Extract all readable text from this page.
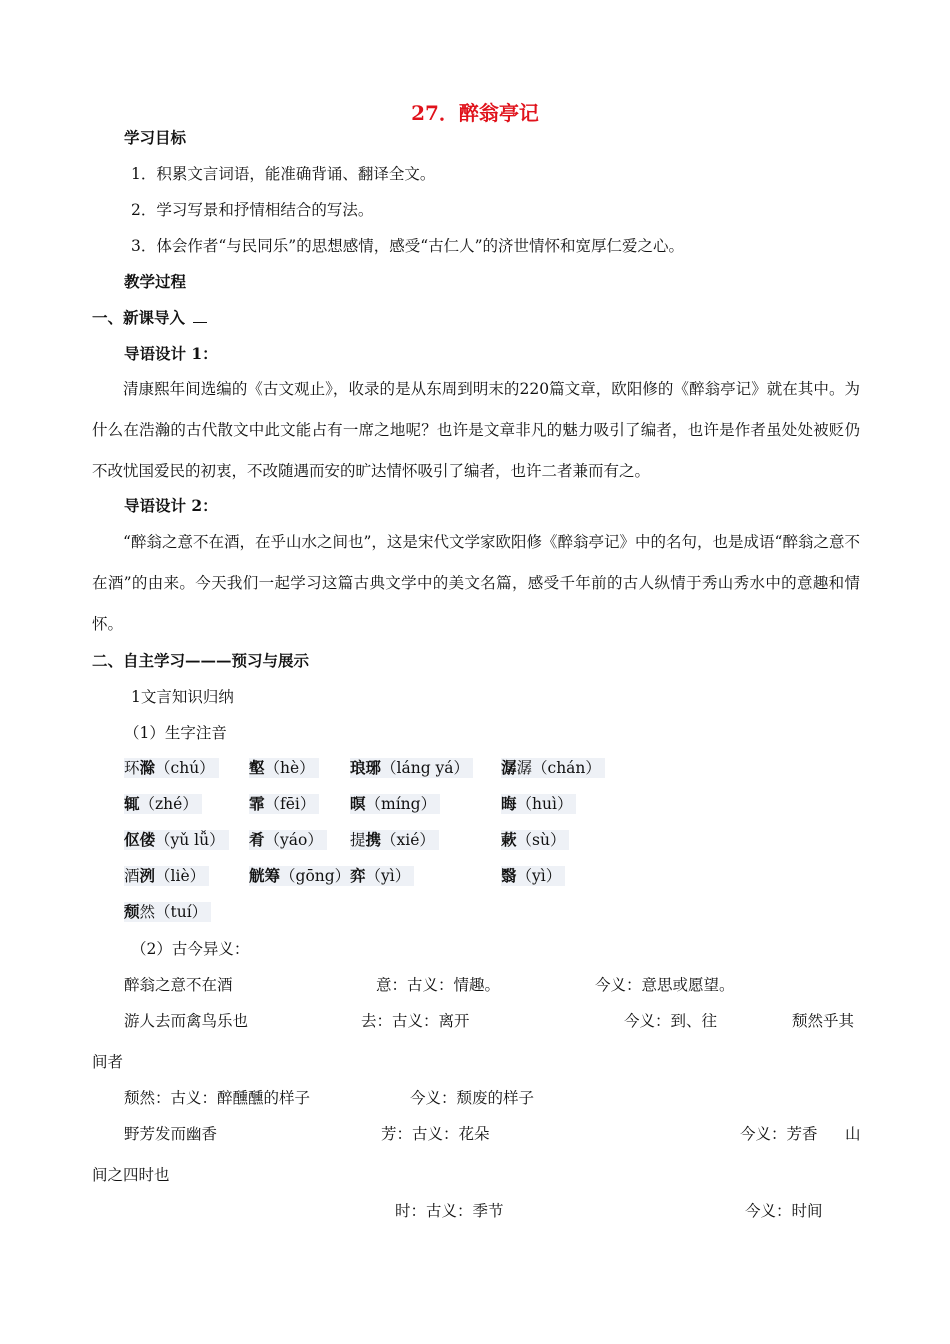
27．醉翁亭记
学习目标
1．积累文言词语，能准确背诵、翻译全文。
2．学习写景和抒情相结合的写法。
3．体会作者“与民同乐”的思想感情，感受“古仁人”的济世情怀和宽厚仁爱之心。
教学过程
一、新课导入
导语设计 1：
清康熙年间选编的《古文观止》，收录的是从东周到明末的220篇文章，欧阳修的《醉翁亭记》就在其中。为什么在浩瀚的古代散文中此文能占有一席之地呢？也许是文章非凡的魅力吸引了编者，也许是作者虽处处被贬仍不改忧国爱民的初衷，不改随遇而安的旷达情怀吸引了编者，也许二者兼而有之。
导语设计 2：
“醉翁之意不在酒，在乎山水之间也”，这是宋代文学家欧阳修《醉翁亭记》中的名句，也是成语“醉翁之意不在酒”的由来。今天我们一起学习这篇古典文学中的美文名篇，感受千年前的古人纵情于秀山秀水中的意趣和情怀。
二、自主学习———预习与展示
1文言知识归纳
（1）生字注音
环滁（chú） 壑（hè） 琅琊（láng yá） 潺潺（chán）
辄（zhé）	霏（fēi） 暝（míng）	晦（huì）
伛偻（yǔ lǚ） 肴（yáo） 提携（xié）	蔌（sù）
酒洌（liè）	觥筹（gōng） 弈（yì）	翳（yì）
颓然（tuí）
（2）古今异义：
醉翁之意不在酒	意：古义：情趣。	今义：意思或愿望。
游人去而禽鸟乐也	去：古义：离开	今义：到、往	颓然乎其
间者
颓然：古义：醉醺醺的样子	今义：颓废的样子
野芳发而幽香	芳：古义：花朵	今义：芳香 山
间之四时也
时：古义：季节	今义：时间
